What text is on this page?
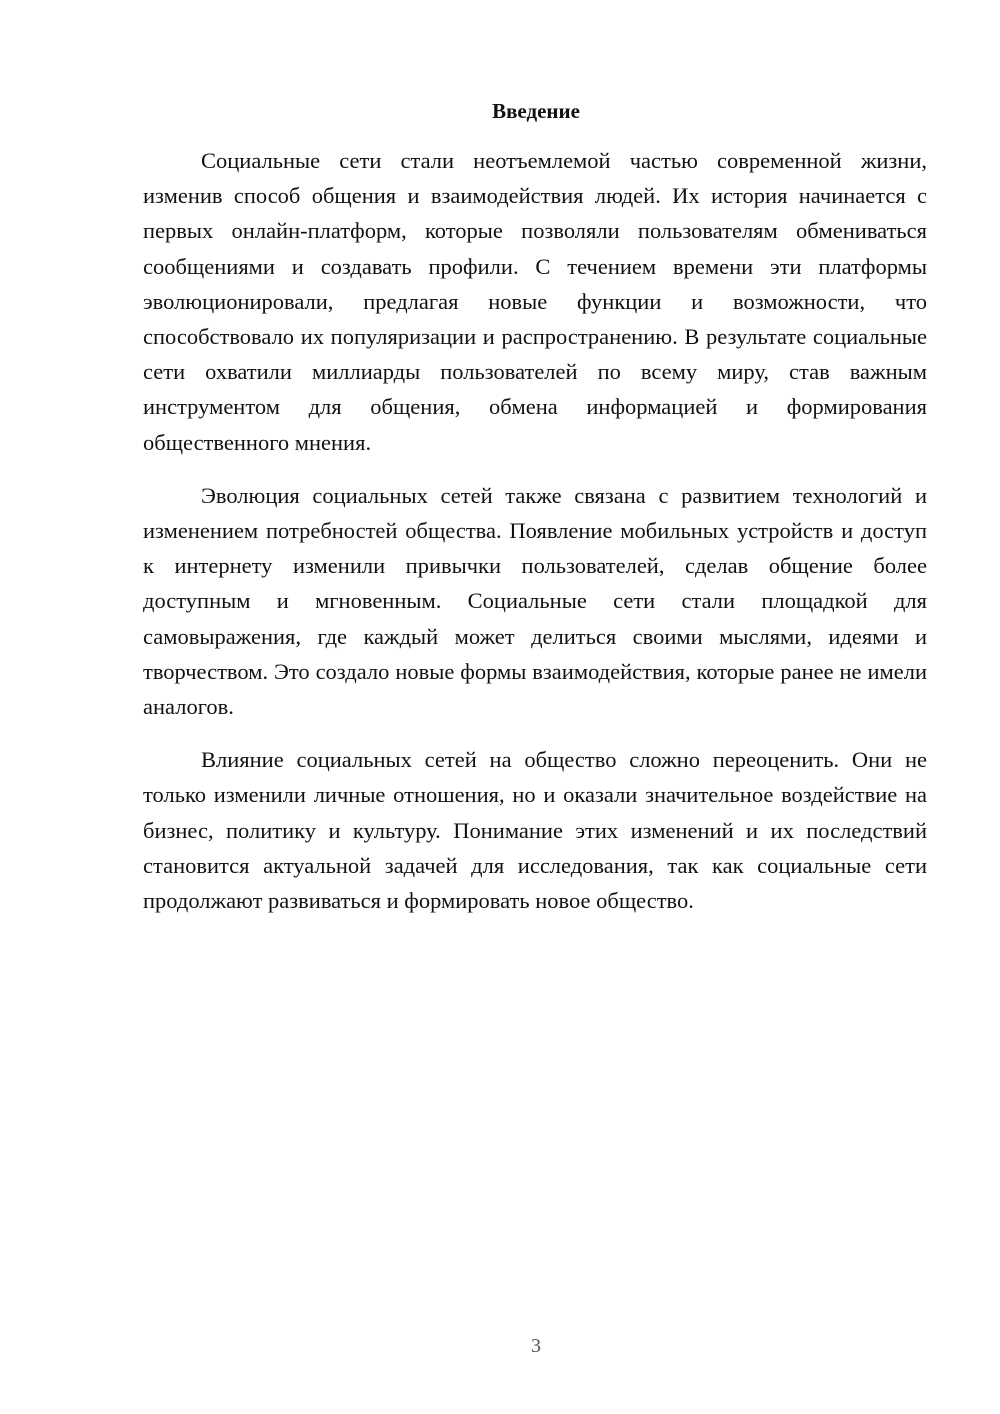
Введение

Социальные сети стали неотъемлемой частью современной жизни, изменив способ общения и взаимодействия людей. Их история начинается с первых онлайн-платформ, которые позволяли пользователям обмениваться сообщениями и создавать профили. С течением времени эти платформы эволюционировали, предлагая новые функции и возможности, что способствовало их популяризации и распространению. В результате социальные сети охватили миллиарды пользователей по всему миру, став важным инструментом для общения, обмена информацией и формирования общественного мнения.

Эволюция социальных сетей также связана с развитием технологий и изменением потребностей общества. Появление мобильных устройств и доступ к интернету изменили привычки пользователей, сделав общение более доступным и мгновенным. Социальные сети стали площадкой для самовыражения, где каждый может делиться своими мыслями, идеями и творчеством. Это создало новые формы взаимодействия, которые ранее не имели аналогов.

Влияние социальных сетей на общество сложно переоценить. Они не только изменили личные отношения, но и оказали значительное воздействие на бизнес, политику и культуру. Понимание этих изменений и их последствий становится актуальной задачей для исследования, так как социальные сети продолжают развиваться и формировать новое общество.

3
